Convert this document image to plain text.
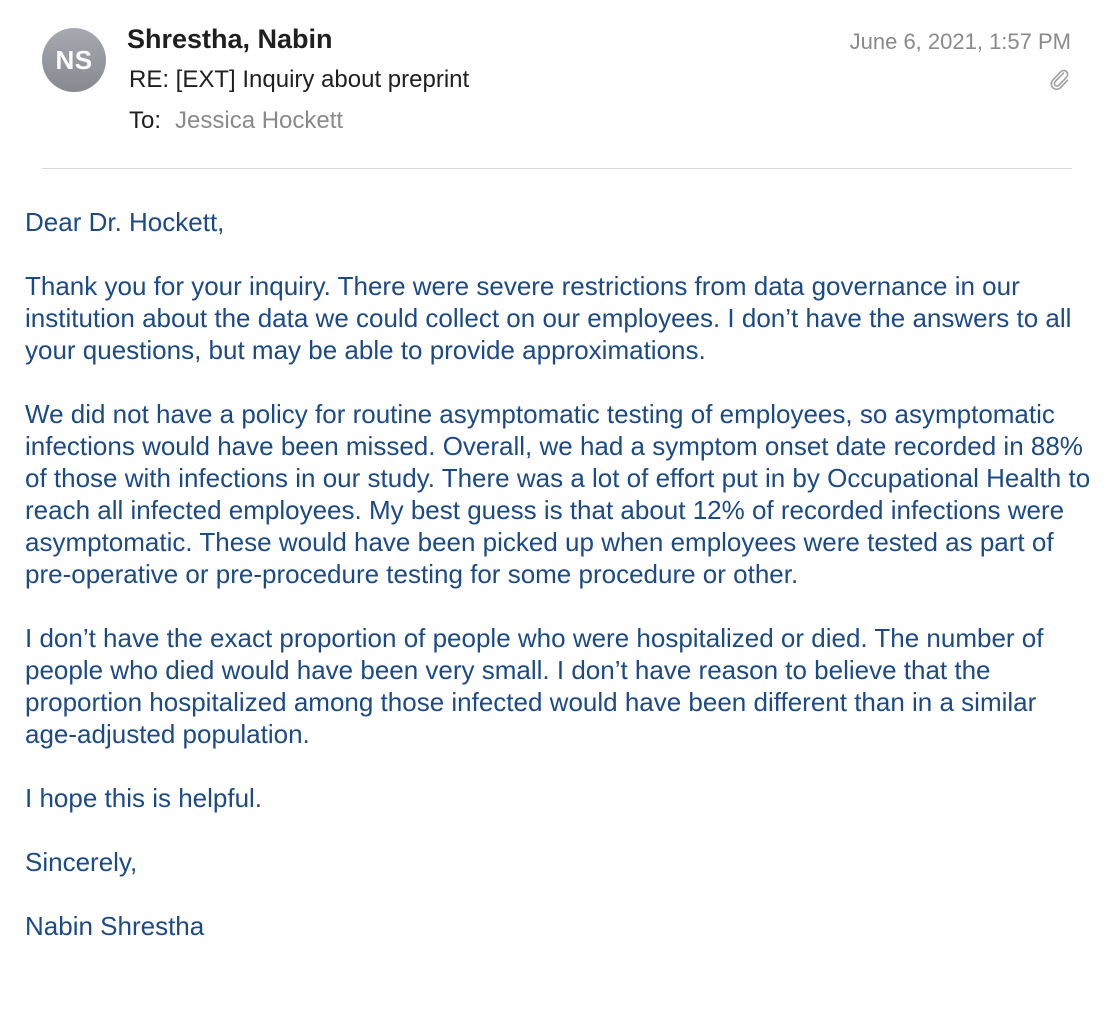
NS
Shrestha, Nabin
RE: [EXT] Inquiry about preprint
To: Jessica Hockett
June 6, 2021, 1:57 PM

Dear Dr. Hockett,

Thank you for your inquiry. There were severe restrictions from data governance in our institution about the data we could collect on our employees. I don’t have the answers to all your questions, but may be able to provide approximations.

We did not have a policy for routine asymptomatic testing of employees, so asymptomatic infections would have been missed. Overall, we had a symptom onset date recorded in 88% of those with infections in our study. There was a lot of effort put in by Occupational Health to reach all infected employees. My best guess is that about 12% of recorded infections were asymptomatic. These would have been picked up when employees were tested as part of pre-operative or pre-procedure testing for some procedure or other.

I don’t have the exact proportion of people who were hospitalized or died. The number of people who died would have been very small. I don’t have reason to believe that the proportion hospitalized among those infected would have been different than in a similar age-adjusted population.

I hope this is helpful.

Sincerely,

Nabin Shrestha
